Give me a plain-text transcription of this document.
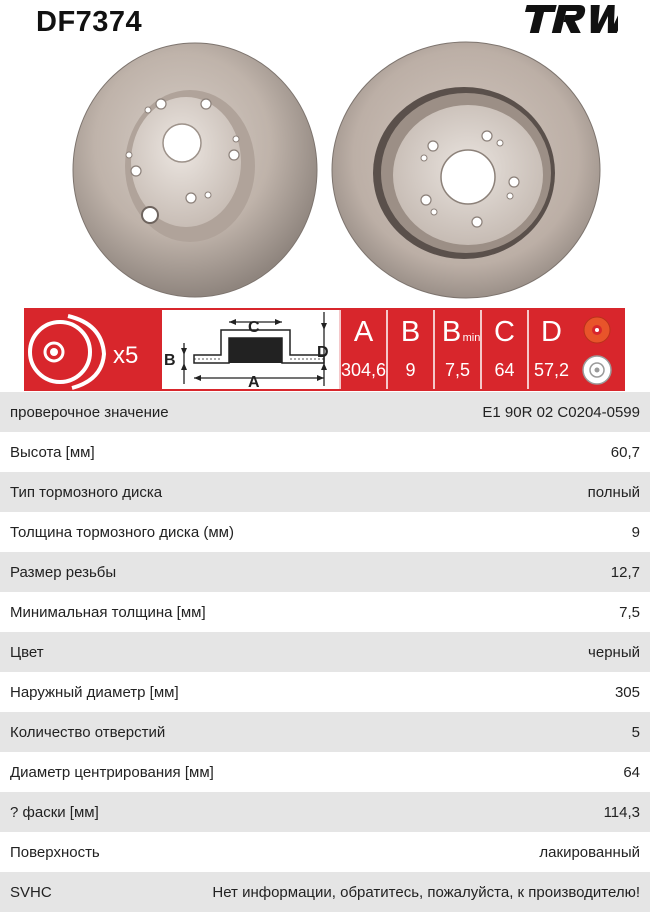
DF7374
x5 B
C
D
A
A
304,6
B
9
B min
7,5
C
64
D
57,2
проверочное значение	E1 90R 02 C0204-0599
Высота [мм]	60,7
Тип тормозного диска	полный
Толщина тормозного диска (мм)	9
Размер резьбы	12,7
Минимальная толщина [мм]	7,5
Цвет	черный
Наружный диаметр [мм]	305
Количество отверстий	5
Диаметр центрирования [мм]	64
? фаски [мм]	114,3
Поверхность	лакированный
SVHC	Нет информации, обратитесь, пожалуйста, к производителю!
